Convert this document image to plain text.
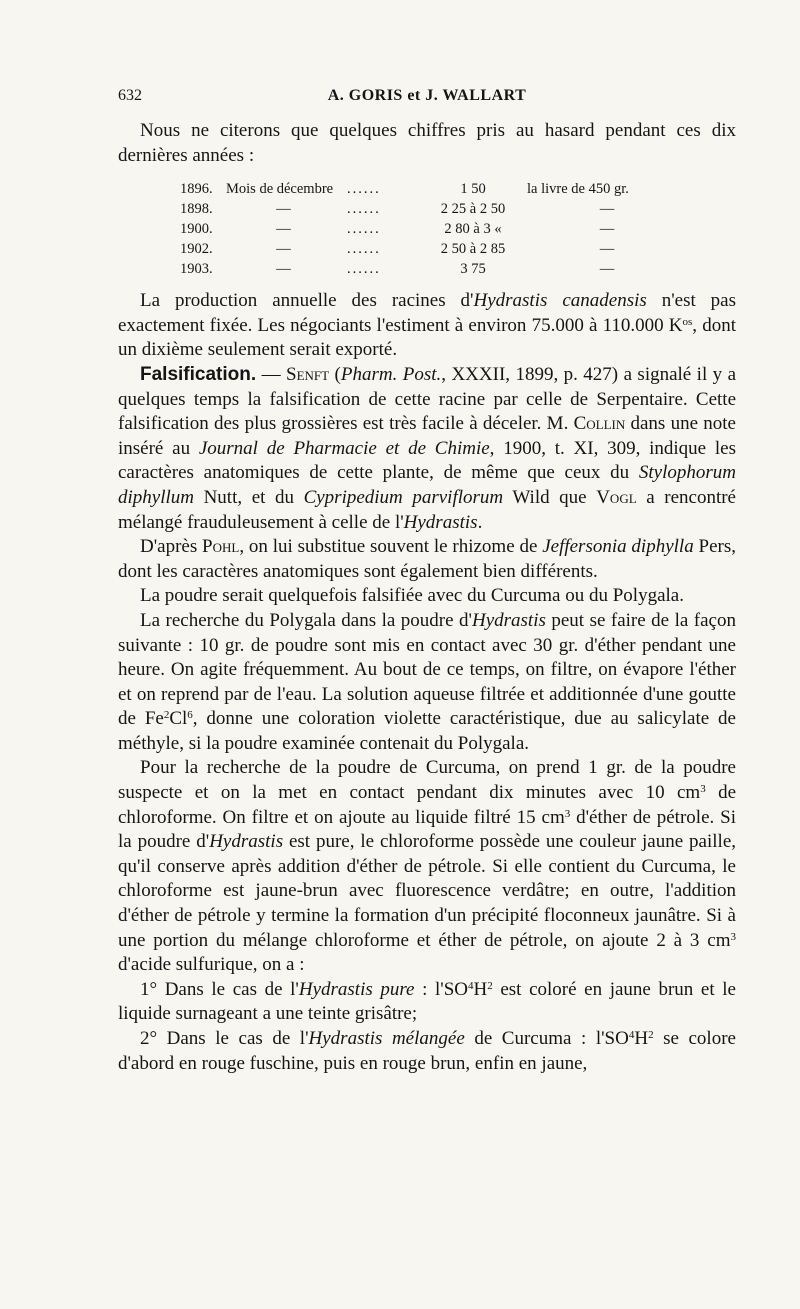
632	A. GORIS et J. WALLART

Nous ne citerons que quelques chiffres pris au hasard pendant ces dix dernières années :

1896.	Mois de décembre	......	1 50	la livre de 450 gr.
1898.	—	......	2 25 à 2 50	—
1900.	—	......	2 80 à 3 «	—
1902.	—	......	2 50 à 2 85	—
1903.	—	......	3 75	—

La production annuelle des racines d'Hydrastis canadensis n'est pas exactement fixée. Les négociants l'estiment à environ 75.000 à 110.000 $K^{os}$, dont un dixième seulement serait exporté.

Falsification. — Senft (Pharm. Post., XXXII, 1899, p. 427) a signalé il y a quelques temps la falsification de cette racine par celle de Serpentaire. Cette falsification des plus grossières est très facile à déceler. M. Collin dans une note inséré au Journal de Pharmacie et de Chimie, 1900, t. XI, 309, indique les caractères anatomiques de cette plante, de même que ceux du Stylophorum diphyllum Nutt, et du Cypripedium parviflorum Wild que Vogl a rencontré mélangé frauduleusement à celle de l'Hydrastis.

D'après Pohl, on lui substitue souvent le rhizome de Jeffersonia diphylla Pers, dont les caractères anatomiques sont également bien différents.

La poudre serait quelquefois falsifiée avec du Curcuma ou du Polygala.

La recherche du Polygala dans la poudre d'Hydrastis peut se faire de la façon suivante : 10 gr. de poudre sont mis en contact avec 30 gr. d'éther pendant une heure. On agite fréquemment. Au bout de ce temps, on filtre, on évapore l'éther et on reprend par de l'eau. La solution aqueuse filtrée et additionnée d'une goutte de Fe$^2$Cl$^6$, donne une coloration violette caractéristique, due au salicylate de méthyle, si la poudre examinée contenait du Polygala.

Pour la recherche de la poudre de Curcuma, on prend 1 gr. de la poudre suspecte et on la met en contact pendant dix minutes avec 10 $cm^3$ de chloroforme. On filtre et on ajoute au liquide filtré 15 $cm^3$ d'éther de pétrole. Si la poudre d'Hydrastis est pure, le chloroforme possède une couleur jaune paille, qu'il conserve après addition d'éther de pétrole. Si elle contient du Curcuma, le chloroforme est jaune-brun avec fluorescence verdâtre; en outre, l'addition d'éther de pétrole y termine la formation d'un précipité floconneux jaunâtre. Si à une portion du mélange chloroforme et éther de pétrole, on ajoute 2 à 3 $cm^3$ d'acide sulfurique, on a :

1° Dans le cas de l'Hydrastis pure : $l'SO^4H^2$ est coloré en jaune brun et le liquide surnageant a une teinte grisâtre;

2° Dans le cas de l'Hydrastis mélangée de Curcuma : $l'SO^4H^2$ se colore d'abord en rouge fuschine, puis en rouge brun, enfin en jaune,
